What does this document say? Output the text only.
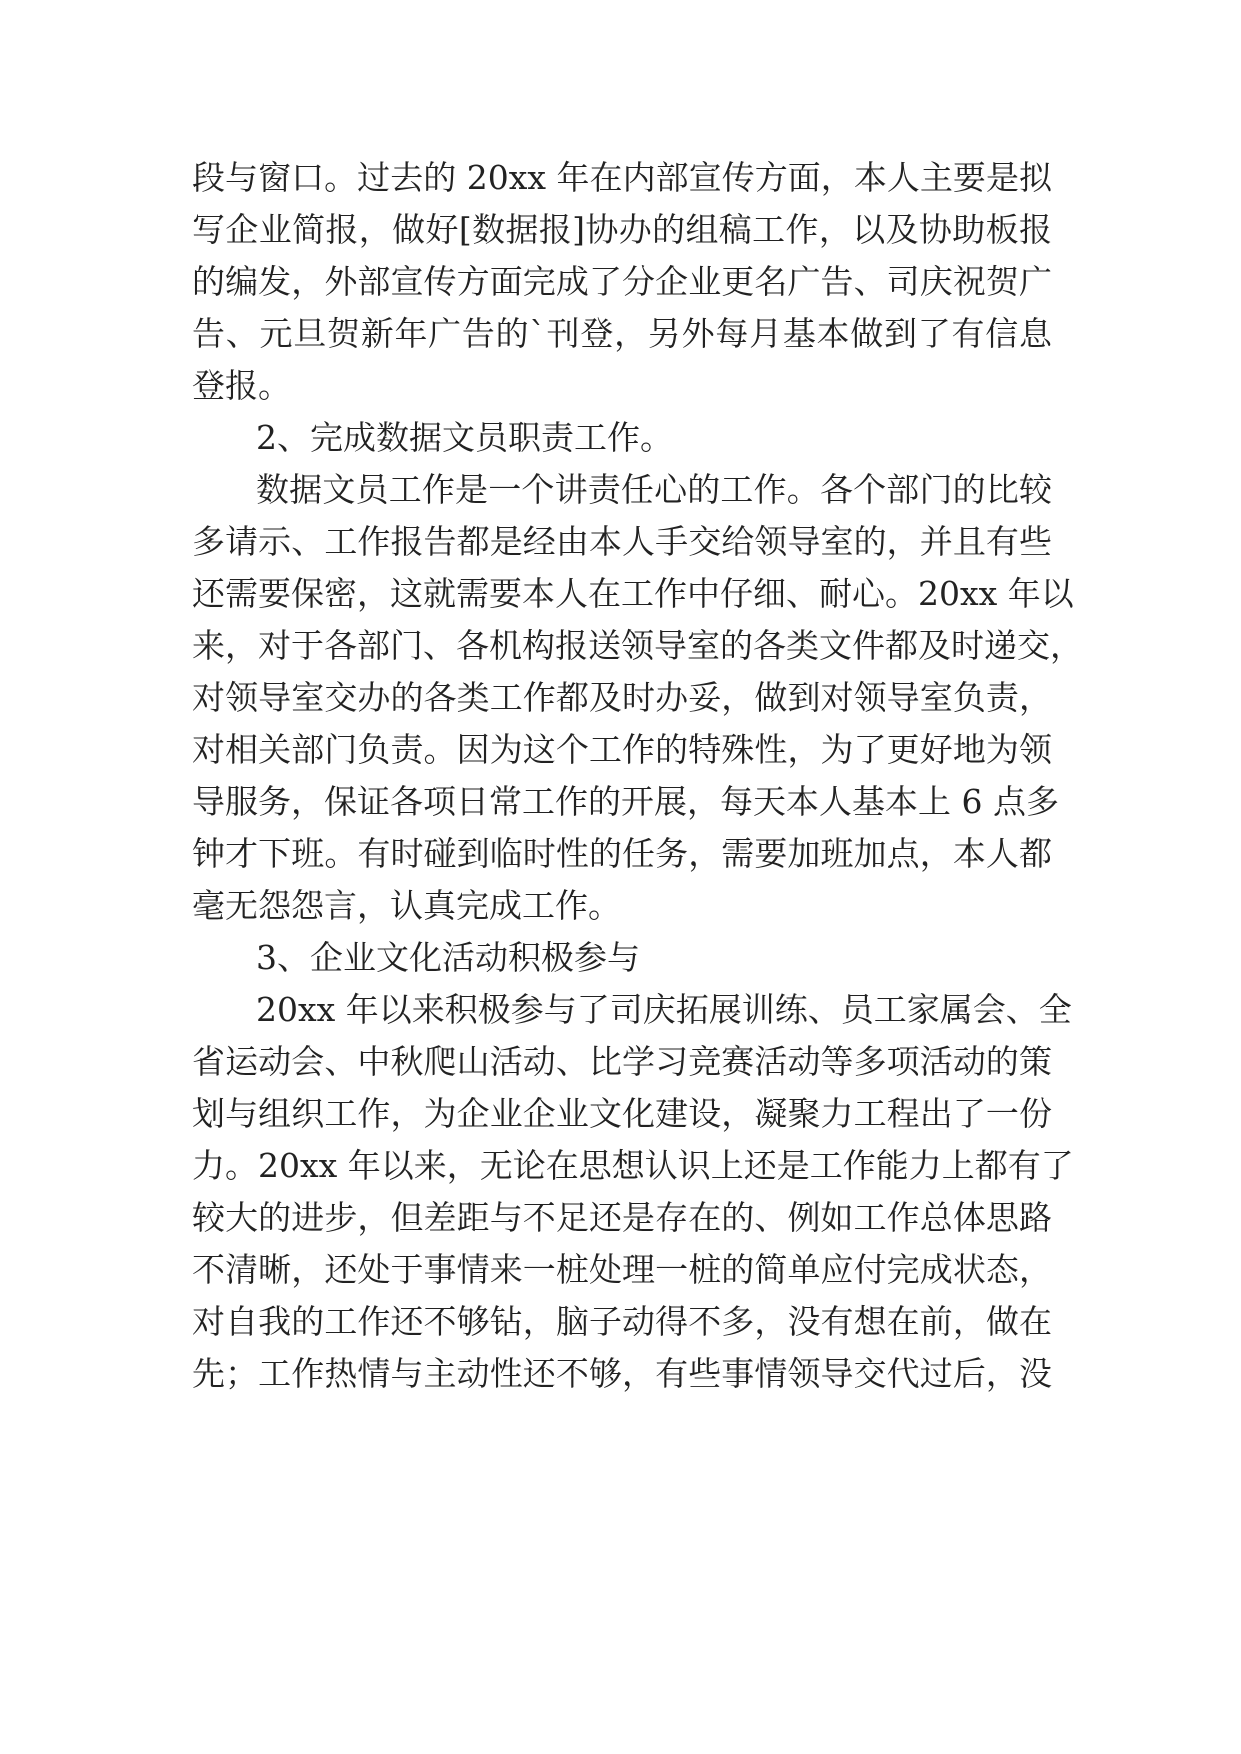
段与窗口。过去的 20xx 年在内部宣传方面，本人主要是拟
写企业简报，做好[数据报]协办的组稿工作，以及协助板报
的编发，外部宣传方面完成了分企业更名广告、司庆祝贺广
告、元旦贺新年广告的`刊登，另外每月基本做到了有信息
登报。
2、完成数据文员职责工作。
数据文员工作是一个讲责任心的工作。各个部门的比较
多请示、工作报告都是经由本人手交给领导室的，并且有些
还需要保密，这就需要本人在工作中仔细、耐心。20xx 年以
来，对于各部门、各机构报送领导室的各类文件都及时递交，
对领导室交办的各类工作都及时办妥，做到对领导室负责，
对相关部门负责。因为这个工作的特殊性，为了更好地为领
导服务，保证各项日常工作的开展，每天本人基本上 6 点多
钟才下班。有时碰到临时性的任务，需要加班加点，本人都
毫无怨怨言，认真完成工作。
3、企业文化活动积极参与
20xx 年以来积极参与了司庆拓展训练、员工家属会、全
省运动会、中秋爬山活动、比学习竞赛活动等多项活动的策
划与组织工作，为企业企业文化建设，凝聚力工程出了一份
力。20xx 年以来，无论在思想认识上还是工作能力上都有了
较大的进步，但差距与不足还是存在的、例如工作总体思路
不清晰，还处于事情来一桩处理一桩的简单应付完成状态，
对自我的工作还不够钻，脑子动得不多，没有想在前，做在
先；工作热情与主动性还不够，有些事情领导交代过后，没
